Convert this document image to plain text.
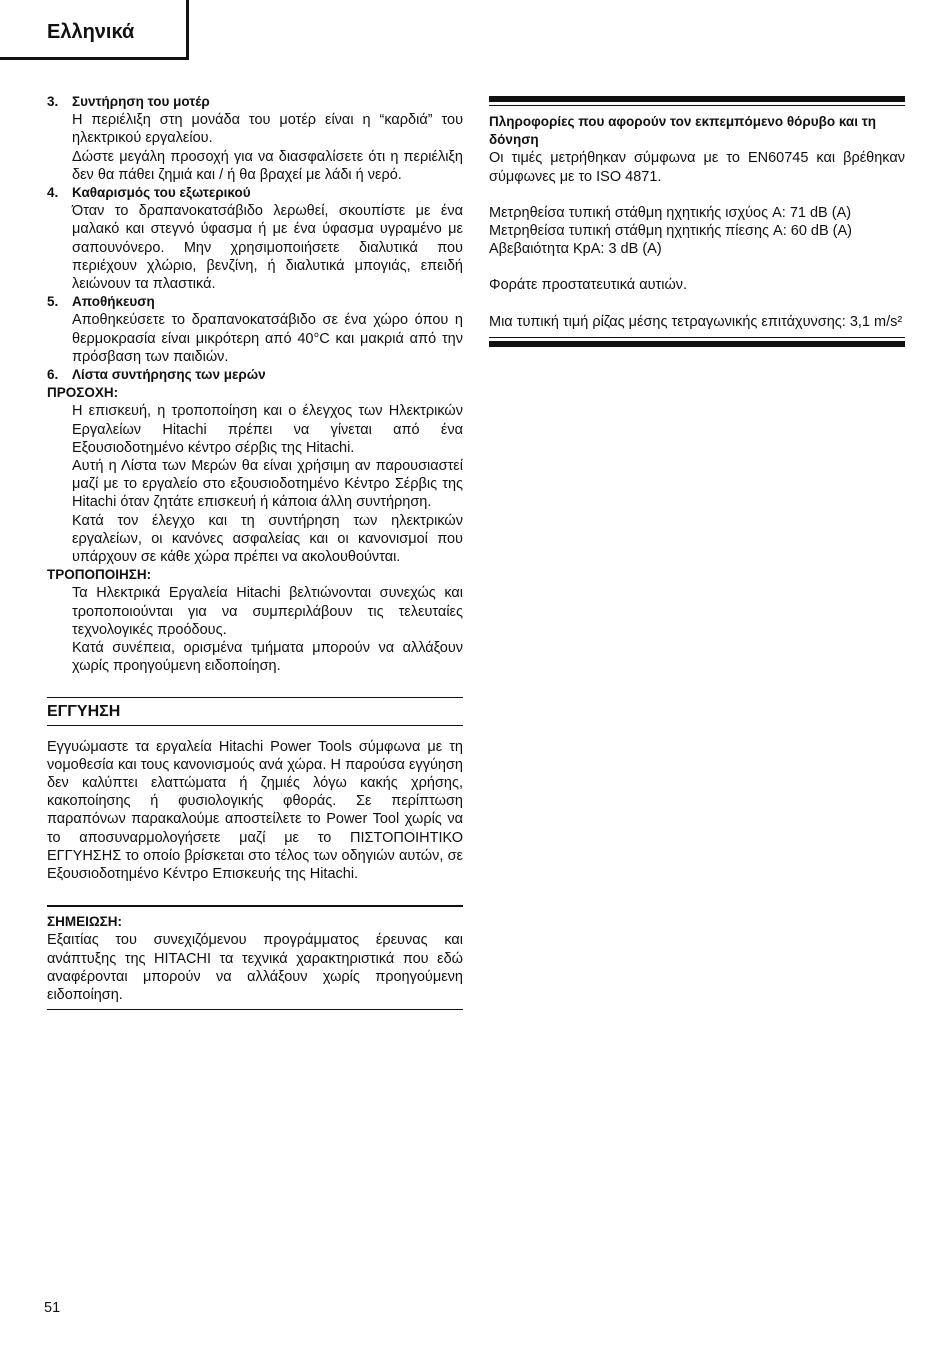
Ελληνικά
3. Συντήρηση του μοτέρ

Η περιέλιξη στη μονάδα του μοτέρ είναι η “καρδιά” του ηλεκτρικού εργαλείου.

Δώστε μεγάλη προσοχή για να διασφαλίσετε ότι η περιέλιξη δεν θα πάθει ζημιά και / ή θα βραχεί με λάδι ή νερό.

4. Καθαρισμός του εξωτερικού

Όταν το δραπανοκατσάβιδο λερωθεί, σκουπίστε με ένα μαλακό και στεγνό ύφασμα ή με ένα ύφασμα υγραμένο με σαπουνόνερο. Μην χρησιμοποιήσετε διαλυτικά που περιέχουν χλώριο, βενζίνη, ή διαλυτικά μπογιάς, επειδή λειώνουν τα πλαστικά.

5. Αποθήκευση

Αποθηκεύσετε το δραπανοκατσάβιδο σε ένα χώρο όπου η θερμοκρασία είναι μικρότερη από 40°C και μακριά από την πρόσβαση των παιδιών.

6. Λίστα συντήρησης των μερών
ΠΡΟΣΟΧΗ:

Η επισκευή, η τροποποίηση και ο έλεγχος των Ηλεκτρικών Εργαλείων Hitachi πρέπει να γίνεται από ένα Εξουσιοδοτημένο κέντρο σέρβις της Hitachi.

Αυτή η Λίστα των Μερών θα είναι χρήσιμη αν παρουσιαστεί μαζί με το εργαλείο στο εξουσιοδοτημένο Κέντρο Σέρβις της Hitachi όταν ζητάτε επισκευή ή κάποια άλλη συντήρηση.

Κατά τον έλεγχο και τη συντήρηση των ηλεκτρικών εργαλείων, οι κανόνες ασφαλείας και οι κανονισμοί που υπάρχουν σε κάθε χώρα πρέπει να ακολουθούνται.

ΤΡΟΠΟΠΟΙΗΣΗ:

Τα Ηλεκτρικά Εργαλεία Hitachi βελτιώνονται συνεχώς και τροποποιούνται για να συμπεριλάβουν τις τελευταίες τεχνολογικές προόδους.

Κατά συνέπεια, ορισμένα τμήματα μπορούν να αλλάξουν χωρίς προηγούμενη ειδοποίηση.

ΕΓΓΥΗΣΗ

Εγγυώμαστε τα εργαλεία Hitachi Power Tools σύμφωνα με τη νομοθεσία και τους κανονισμούς ανά χώρα. Η παρούσα εγγύηση δεν καλύπτει ελαττώματα ή ζημιές λόγω κακής χρήσης, κακοποίησης ή φυσιολογικής φθοράς. Σε περίπτωση παραπόνων παρακαλούμε αποστείλετε το Power Tool χωρίς να το αποσυναρμολογήσετε μαζί με το ΠΙΣΤΟΠΟΙΗΤΙΚΟ ΕΓΓΥΗΣΗΣ το οποίο βρίσκεται στο τέλος των οδηγιών αυτών, σε Εξουσιοδοτημένο Κέντρο Επισκευής της Hitachi.

ΣΗΜΕΙΩΣΗ:

Εξαιτίας του συνεχιζόμενου προγράμματος έρευνας και ανάπτυξης της HITACHI τα τεχνικά χαρακτηριστικά που εδώ αναφέρονται μπορούν να αλλάξουν χωρίς προηγούμενη ειδοποίηση.

Πληροφορίες που αφορούν τον εκπεμπόμενο θόρυβο και τη δόνηση

Οι τιμές μετρήθηκαν σύμφωνα με το EN60745 και βρέθηκαν σύμφωνες με το ISO 4871.

Μετρηθείσα τυπική στάθμη ηχητικής ισχύος A: 71 dB (A)

Μετρηθείσα τυπική στάθμη ηχητικής πίεσης A: 60 dB (A)

Αβεβαιότητα KpA: 3 dB (A)

Φοράτε προστατευτικά αυτιών.

Μια τυπική τιμή ρίζας μέσης τετραγωνικής επιτάχυνσης: 3,1 m/s²

51
